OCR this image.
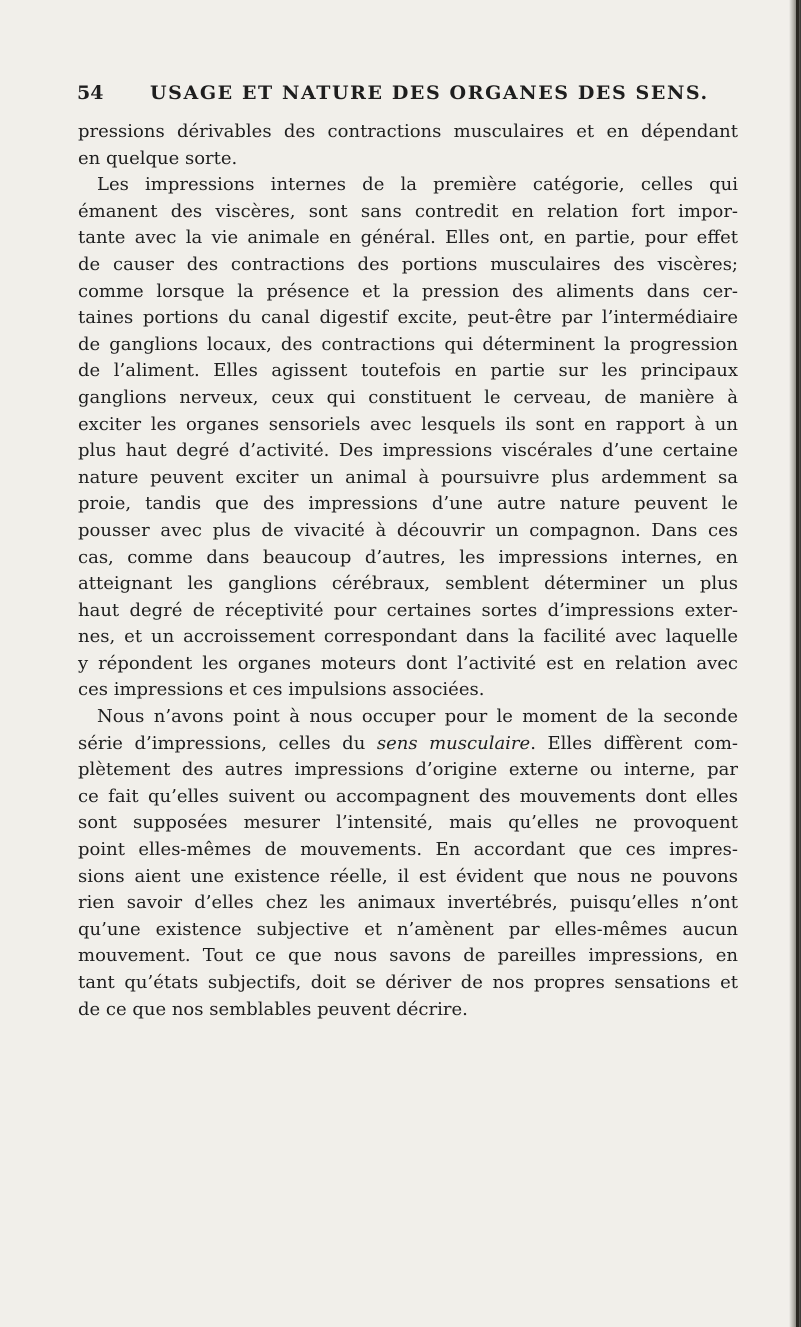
54 USAGE ET NATURE DES ORGANES DES SENS.
pressions dérivables des contractions musculaires et en dépendant
en quelque sorte.
Les impressions internes de la première catégorie, celles qui
émanent des viscères, sont sans contredit en relation fort impor-
tante avec la vie animale en général. Elles ont, en partie, pour effet
de causer des contractions des portions musculaires des viscères;
comme lorsque la présence et la pression des aliments dans cer-
taines portions du canal digestif excite, peut-être par l’intermédiaire
de ganglions locaux, des contractions qui déterminent la progression
de l’aliment. Elles agissent toutefois en partie sur les principaux
ganglions nerveux, ceux qui constituent le cerveau, de manière à
exciter les organes sensoriels avec lesquels ils sont en rapport à un
plus haut degré d’activité. Des impressions viscérales d’une certaine
nature peuvent exciter un animal à poursuivre plus ardemment sa
proie, tandis que des impressions d’une autre nature peuvent le
pousser avec plus de vivacité à découvrir un compagnon. Dans ces
cas, comme dans beaucoup d’autres, les impressions internes, en
atteignant les ganglions cérébraux, semblent déterminer un plus
haut degré de réceptivité pour certaines sortes d’impressions exter-
nes, et un accroissement correspondant dans la facilité avec laquelle
y répondent les organes moteurs dont l’activité est en relation avec
ces impressions et ces impulsions associées.
Nous n’avons point à nous occuper pour le moment de la seconde
série d’impressions, celles du sens musculaire. Elles diffèrent com-
plètement des autres impressions d’origine externe ou interne, par
ce fait qu’elles suivent ou accompagnent des mouvements dont elles
sont supposées mesurer l’intensité, mais qu’elles ne provoquent
point elles-mêmes de mouvements. En accordant que ces impres-
sions aient une existence réelle, il est évident que nous ne pouvons
rien savoir d’elles chez les animaux invertébrés, puisqu’elles n’ont
qu’une existence subjective et n’amènent par elles-mêmes aucun
mouvement. Tout ce que nous savons de pareilles impressions, en
tant qu’états subjectifs, doit se dériver de nos propres sensations et
de ce que nos semblables peuvent décrire.
